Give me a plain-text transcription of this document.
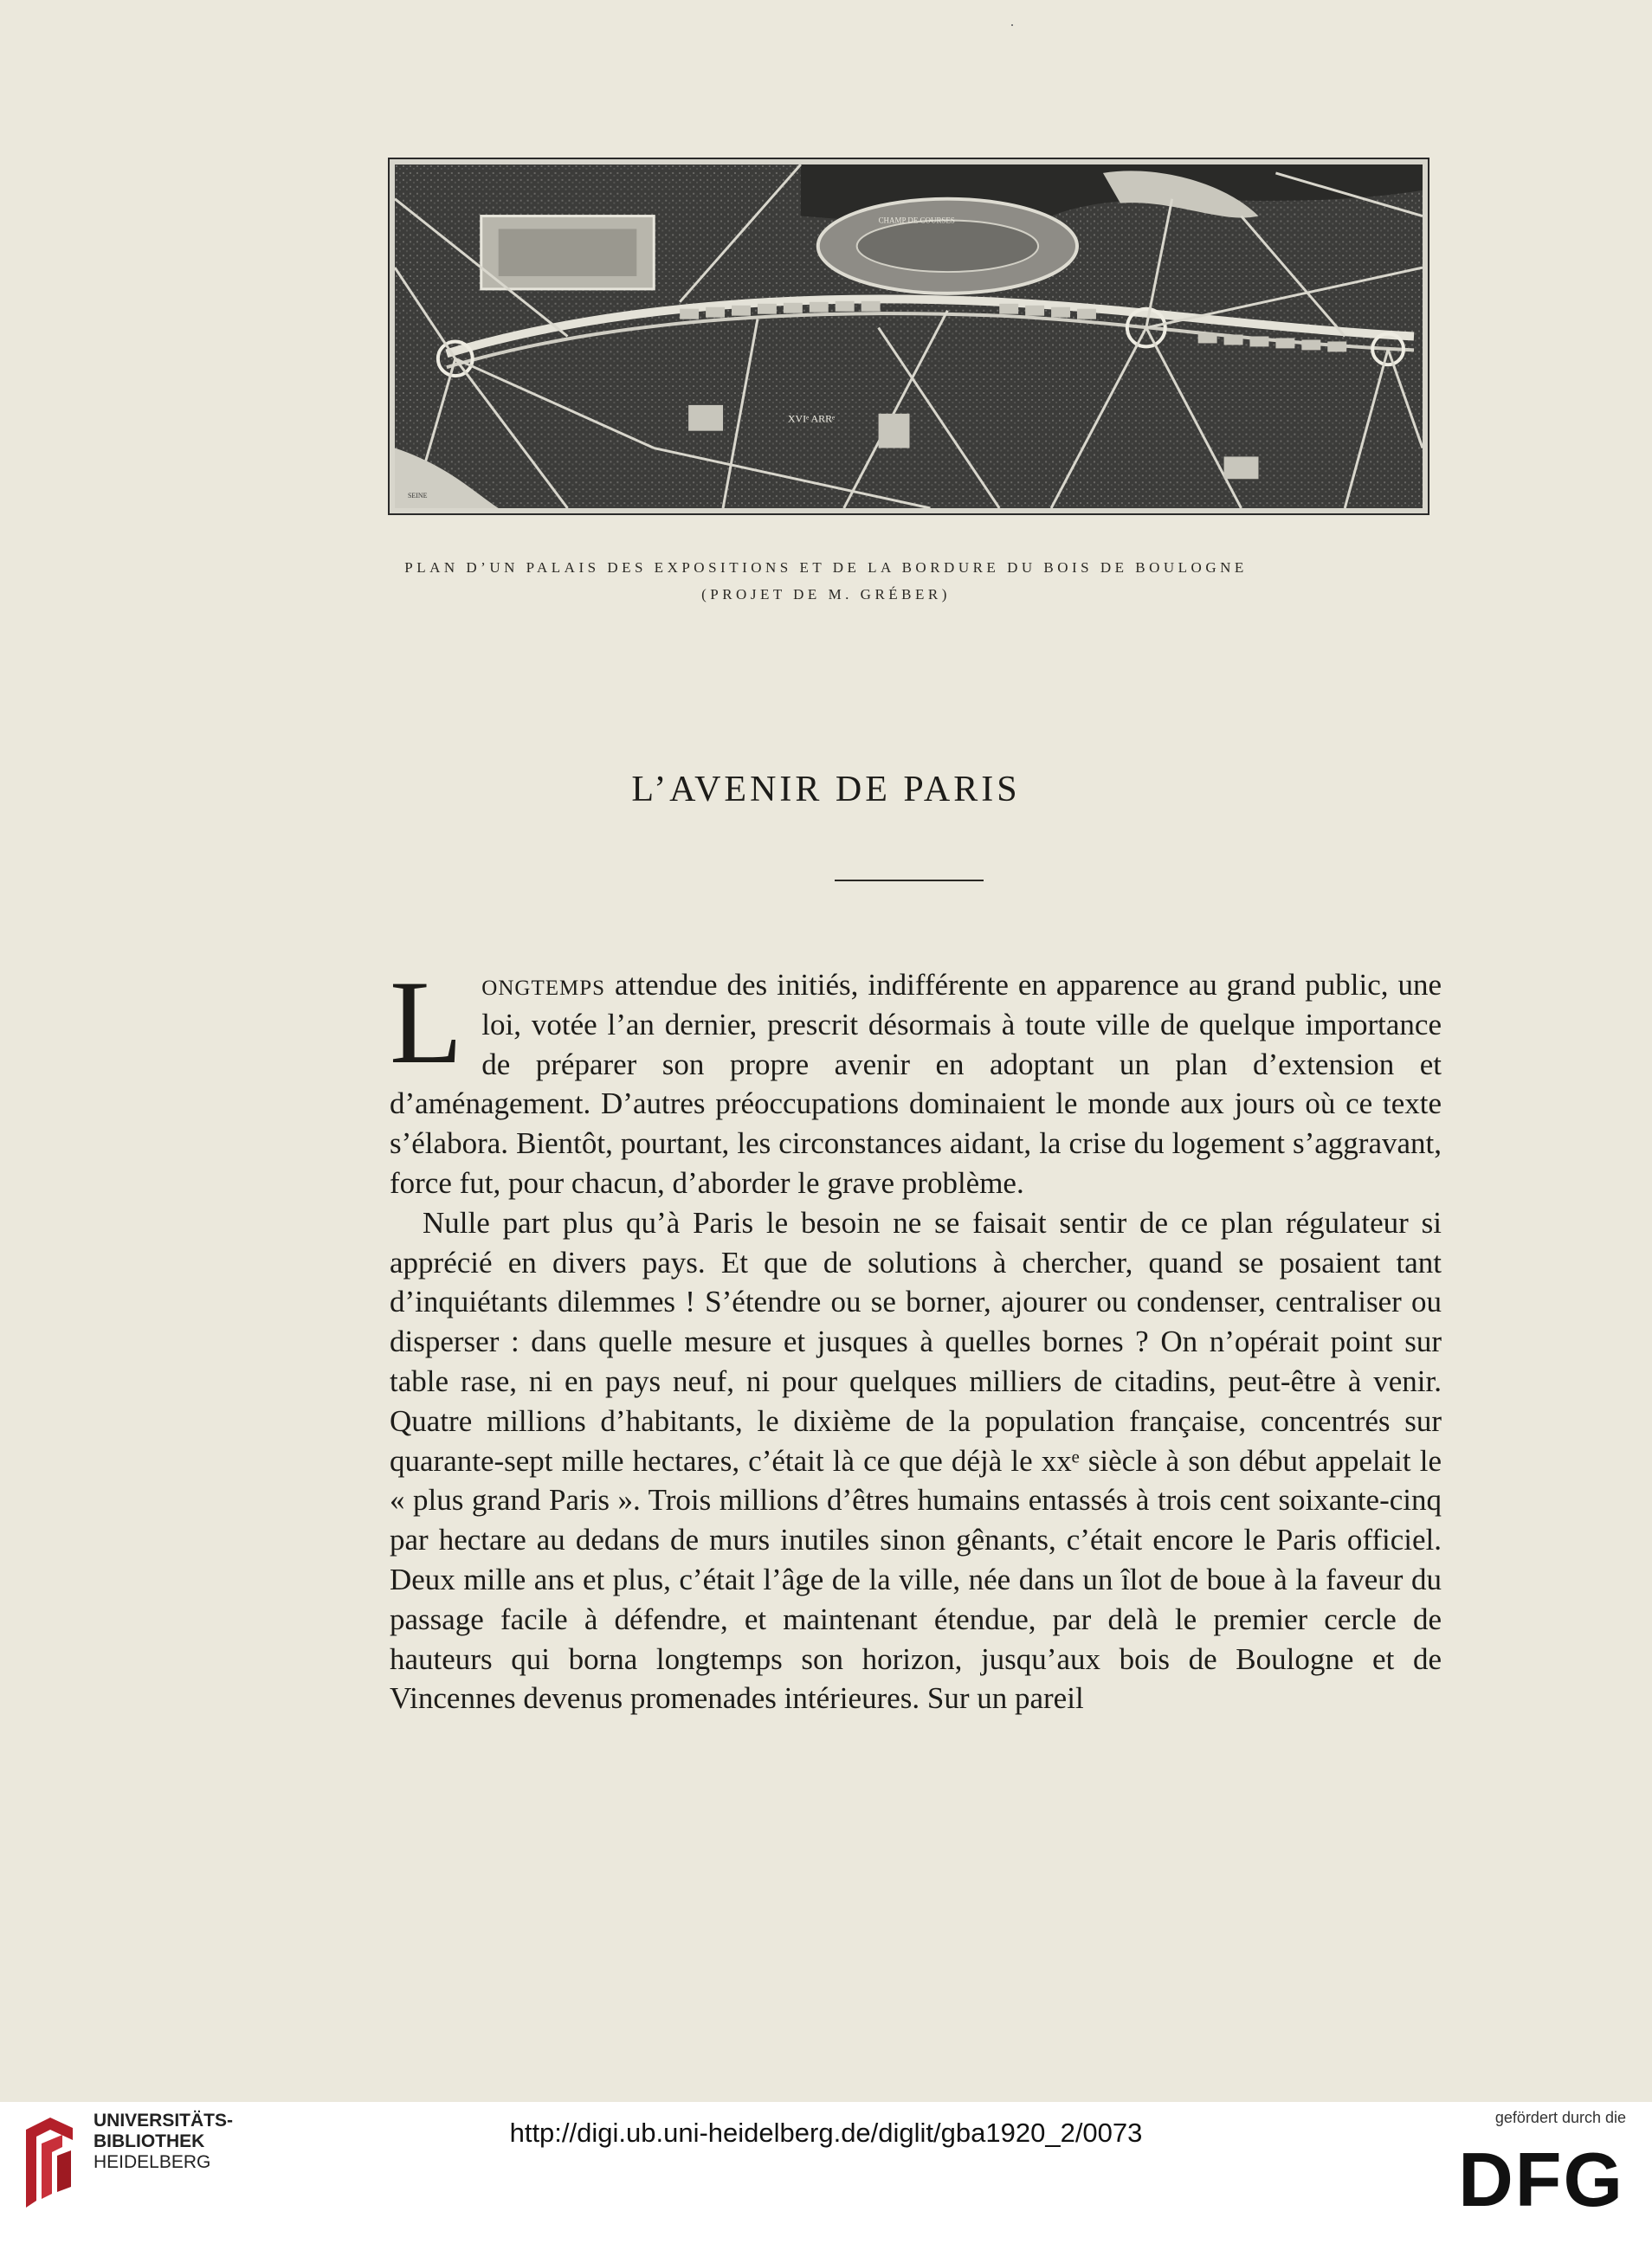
CHAMP DE COURSES
XVIᵉ ARRᵉ
SEINE
PLAN D’UN PALAIS DES EXPOSITIONS ET DE LA BORDURE DU BOIS DE BOULOGNE
(PROJET DE M. GRÉBER)
L’AVENIR DE PARIS

Longtemps attendue des initiés, indifférente en apparence au grand public, une loi, votée l’an dernier, prescrit désormais à toute ville de quelque importance de préparer son propre avenir en adoptant un plan d’extension et d’aménagement. D’autres préoccupations dominaient le monde aux jours où ce texte s’élabora. Bientôt, pourtant, les circonstances aidant, la crise du logement s’aggravant, force fut, pour chacun, d’aborder le grave problème.

Nulle part plus qu’à Paris le besoin ne se faisait sentir de ce plan régulateur si apprécié en divers pays. Et que de solutions à chercher, quand se posaient tant d’inquiétants dilemmes ! S’étendre ou se borner, ajourer ou condenser, centraliser ou disperser : dans quelle mesure et jusques à quelles bornes ? On n’opérait point sur table rase, ni en pays neuf, ni pour quelques milliers de citadins, peut-être à venir. Quatre millions d’habitants, le dixième de la population française, concentrés sur quarante-sept mille hectares, c’était là ce que déjà le xxᵉ siècle à son début appelait le « plus grand Paris ». Trois millions d’êtres humains entassés à trois cent soixante-cinq par hectare au dedans de murs inutiles sinon gênants, c’était encore le Paris officiel. Deux mille ans et plus, c’était l’âge de la ville, née dans un îlot de boue à la faveur du passage facile à défendre, et maintenant étendue, par delà le premier cercle de hauteurs qui borna longtemps son horizon, jusqu’aux bois de Boulogne et de Vincennes devenus promenades intérieures. Sur un pareil

UNIVERSITÄTS-
BIBLIOTHEK
HEIDELBERG
http://digi.ub.uni-heidelberg.de/diglit/gba1920_2/0073	gefördert durch die
DFG
